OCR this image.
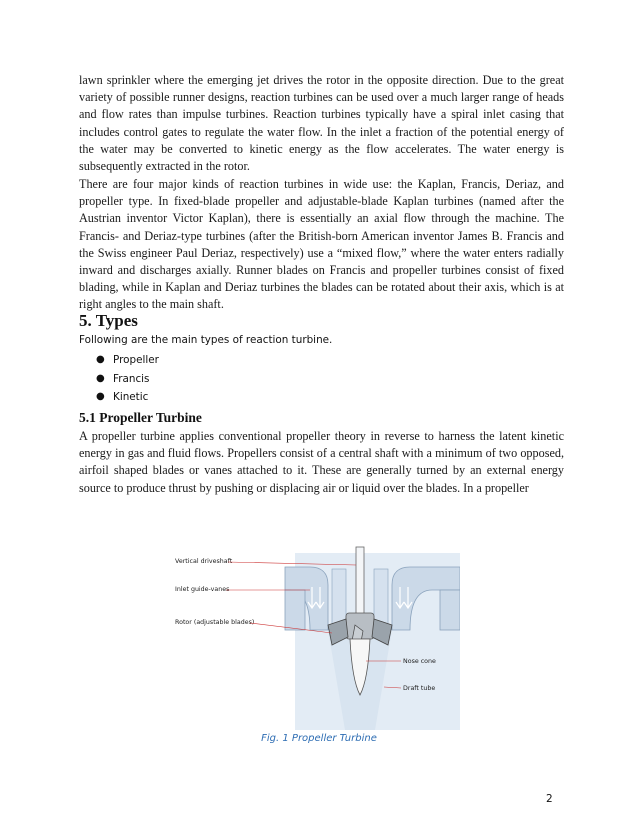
lawn sprinkler where the emerging jet drives the rotor in the opposite direction. Due to the great variety of possible runner designs, reaction turbines can be used over a much larger range of heads and flow rates than impulse turbines. Reaction turbines typically have a spiral inlet casing that includes control gates to regulate the water flow. In the inlet a fraction of the potential energy of the water may be converted to kinetic energy as the flow accelerates. The water energy is subsequently extracted in the rotor.

There are four major kinds of reaction turbines in wide use: the Kaplan, Francis, Deriaz, and propeller type. In fixed-blade propeller and adjustable-blade Kaplan turbines (named after the Austrian inventor Victor Kaplan), there is essentially an axial flow through the machine. The Francis- and Deriaz-type turbines (after the British-born American inventor James B. Francis and the Swiss engineer Paul Deriaz, respectively) use a “mixed flow,” where the water enters radially inward and discharges axially. Runner blades on Francis and propeller turbines consist of fixed blading, while in Kaplan and Deriaz turbines the blades can be rotated about their axis, which is at right angles to the main shaft.

5. Types

Following are the main types of reaction turbine.

● Propeller
● Francis
● Kinetic
5.1 Propeller Turbine

A propeller turbine applies conventional propeller theory in reverse to harness the latent kinetic energy in gas and fluid flows. Propellers consist of a central shaft with a minimum of two opposed, airfoil shaped blades or vanes attached to it. These are generally turned by an external energy source to produce thrust by pushing or displacing air or liquid over the blades. In a propeller

Vertical driveshaft
Inlet guide-vanes
Rotor (adjustable blades)
Nose cone
Draft tube

Fig. 1 Propeller Turbine

2
